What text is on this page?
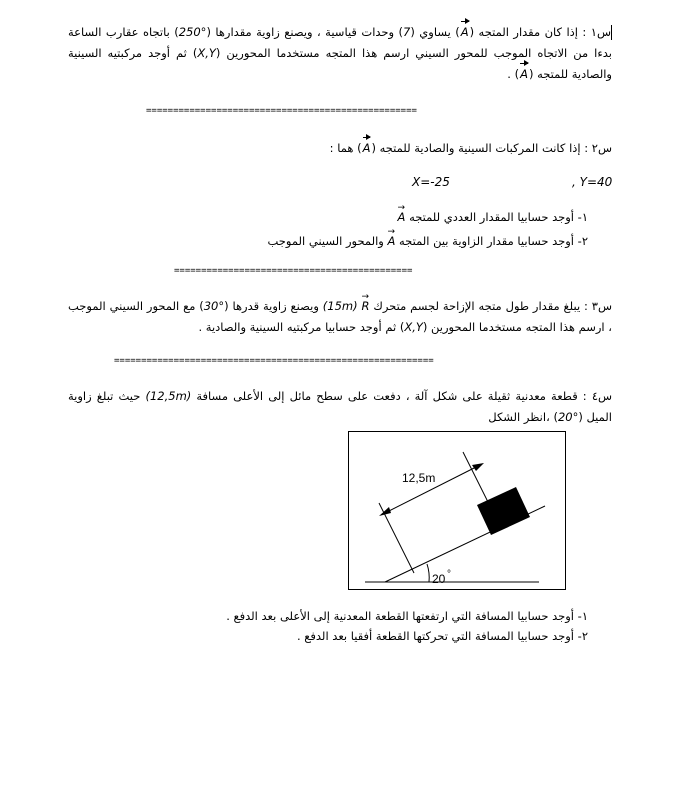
س١ : إذا كان مقدار المتجه (A) يساوي (7) وحدات قياسية ، ويصنع زاوية مقدارها (250°) باتجاه عقارب الساعة بدءا من الاتجاه الموجب للمحور السيني ارسم هذا المتجه مستخدما المحورين (X,Y) ثم أوجد مركبتيه السينية والصادية للمتجه (A) .
==================================================
س٢ : إذا كانت المركبات السينية والصادية للمتجه (A) هما :
, Y=40
X=-25
١- أوجد حسابيا المقدار العددي للمتجه A →
٢- أوجد حسابيا مقدار الزاوية بين المتجه A → والمحور السيني الموجب
============================================
س٣ : يبلغ مقدار طول متجه الإزاحة لجسم متحرك R → (15m) ويصنع زاوية قدرها (30°) مع المحور السيني الموجب ، ارسم هذا المتجه مستخدما المحورين (X,Y) ثم أوجد حسابيا مركبتيه السينية والصادية .
===========================================================
س٤ : قطعة معدنية ثقيلة على شكل آلة ، دفعت على سطح مائل إلى الأعلى مسافة (12,5m) حيث تبلغ زاوية الميل (20°) ،انظر الشكل
12,5m
20 °
١- أوجد حسابيا المسافة التي ارتفعتها القطعة المعدنية إلى الأعلى بعد الدفع .
٢- أوجد حسابيا المسافة التي تحركتها القطعة أفقيا بعد الدفع .
